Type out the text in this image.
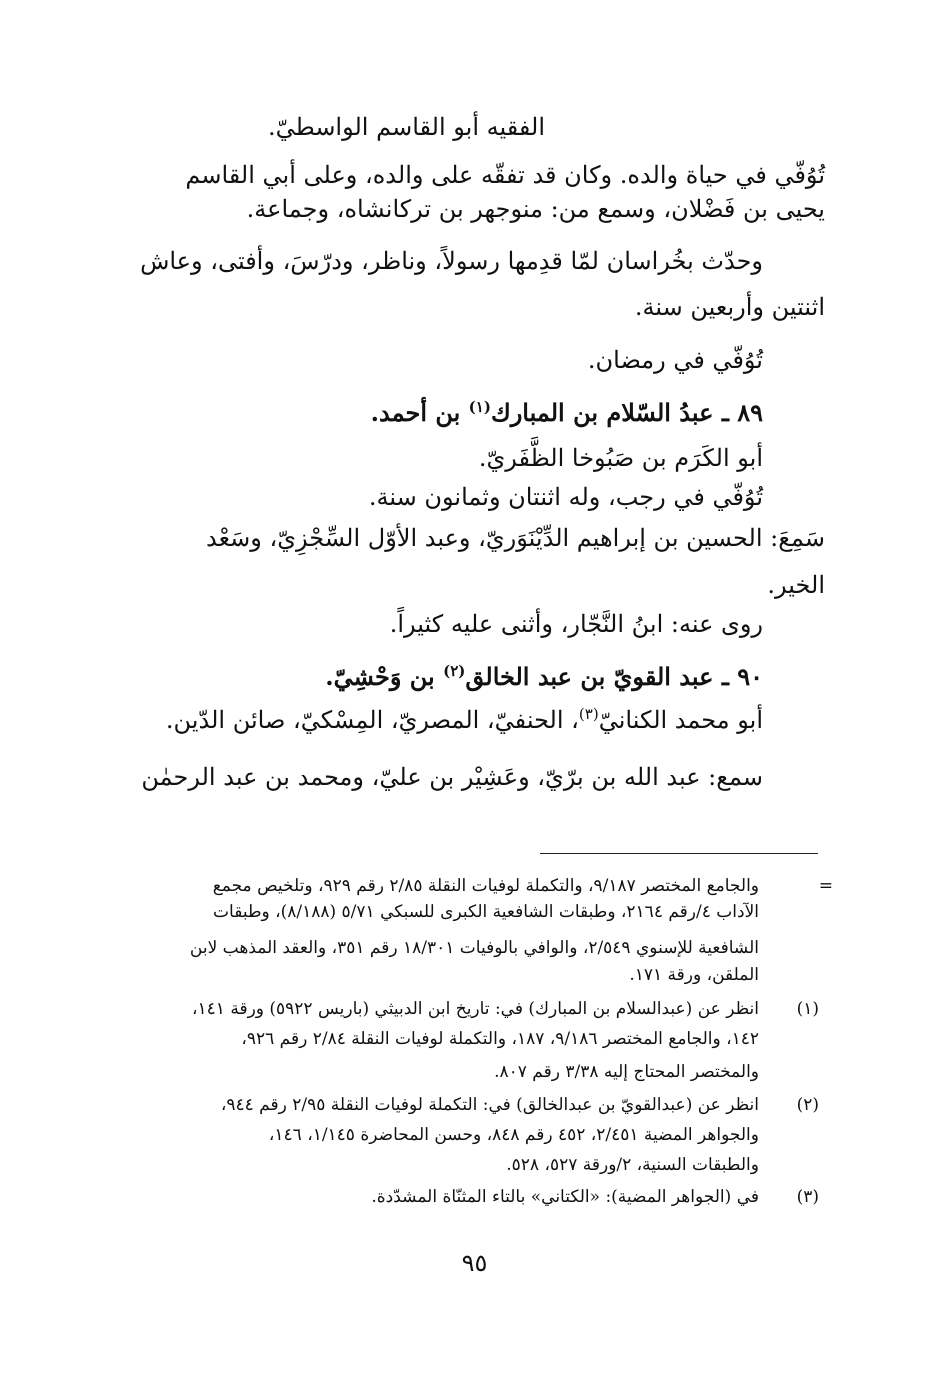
الفقيه أبو القاسم الواسطيّ.
تُوُفّي في حياة والده. وكان قد تفقّه على والده، وعلى أبي القاسم
يحيى بن فَضْلان، وسمع من: منوجهر بن تركانشاه، وجماعة.
وحدّث بخُراسان لمّا قدِمها رسولاً، وناظر، ودرّسَ، وأفتى، وعاش
اثنتين وأربعين سنة.
تُوُفّي في رمضان.
٨٩ ـ عبدُ السّلام بن المبارك$^{(١)}$ بن أحمد.
أبو الكَرَم بن صَبُوخا الظَّفَريّ.
تُوُفّي في رجب، وله اثنتان وثمانون سنة.
سَمِعَ: الحسين بن إبراهيم الدِّيْنَوَريّ، وعبد الأوّل السِّجْزِيّ، وسَعْد
الخير.
روى عنه: ابنُ النَّجّار، وأثنى عليه كثيراً.
٩٠ ـ عبد القويّ بن عبد الخالق$^{(٢)}$ بن وَحْشِيّ.
أبو محمد الكنانيّ$^{(٣)}$، الحنفيّ، المصريّ، المِسْكيّ، صائن الدّين.
سمع: عبد الله بن برّيّ، وعَشِيْر بن عليّ، ومحمد بن عبد الرحمٰن
=
والجامع المختصر ٩/١٨٧، والتكملة لوفيات النقلة ٢/٨٥ رقم ٩٢٩، وتلخيص مجمع
الآداب ٤/رقم ٢١٦٤، وطبقات الشافعية الكبرى للسبكي ٥/٧١ (٨/١٨٨)، وطبقات
الشافعية للإسنوي ٢/٥٤٩، والوافي بالوفيات ١٨/٣٠١ رقم ٣٥١، والعقد المذهب لابن
الملقن، ورقة ١٧١.
(١)
انظر عن (عبدالسلام بن المبارك) في: تاريخ ابن الدبيثي (باريس ٥٩٢٢) ورقة ١٤١،
١٤٢، والجامع المختصر ٩/١٨٦، ١٨٧، والتكملة لوفيات النقلة ٢/٨٤ رقم ٩٢٦،
والمختصر المحتاج إليه ٣/٣٨ رقم ٨٠٧.
(٢)
انظر عن (عبدالقويّ بن عبدالخالق) في: التكملة لوفيات النقلة ٢/٩٥ رقم ٩٤٤،
والجواهر المضية ٢/٤٥١، ٤٥٢ رقم ٨٤٨، وحسن المحاضرة ١/١٤٥، ١٤٦،
والطبقات السنية، ٢/ورقة ٥٢٧، ٥٢٨.
(٣)
في (الجواهر المضية): «الكتاني» بالتاء المثنّاة المشدّدة.
٩٥
